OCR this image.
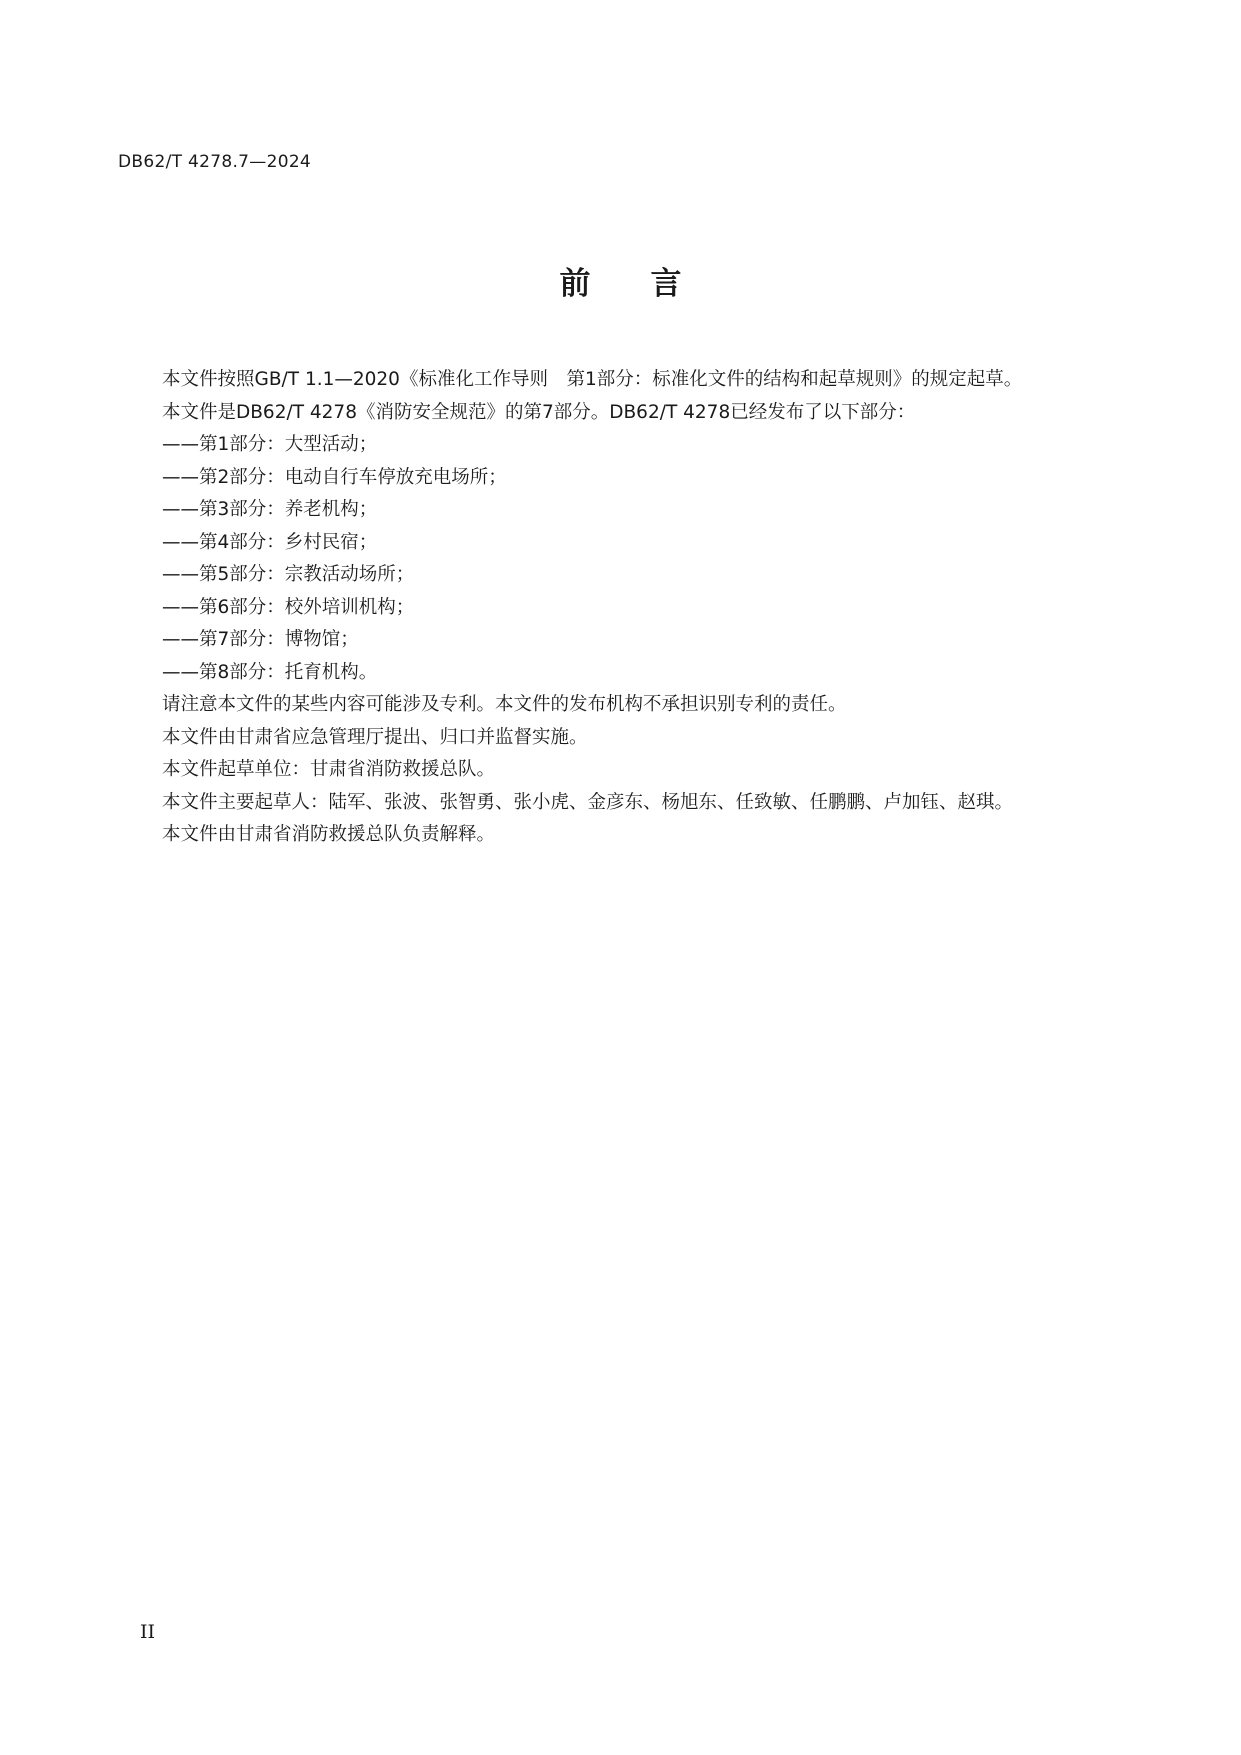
DB62/T 4278.7—2024
前言

本文件按照GB/T 1.1—2020《标准化工作导则　第1部分：标准化文件的结构和起草规则》的规定起草。

本文件是DB62/T 4278《消防安全规范》的第7部分。DB62/T 4278已经发布了以下部分：

——第1部分：大型活动；

——第2部分：电动自行车停放充电场所；

——第3部分：养老机构；

——第4部分：乡村民宿；

——第5部分：宗教活动场所；

——第6部分：校外培训机构；

——第7部分：博物馆；

——第8部分：托育机构。

请注意本文件的某些内容可能涉及专利。本文件的发布机构不承担识别专利的责任。

本文件由甘肃省应急管理厅提出、归口并监督实施。

本文件起草单位：甘肃省消防救援总队。

本文件主要起草人：陆军、张波、张智勇、张小虎、金彦东、杨旭东、任致敏、任鹏鹏、卢加钰、赵琪。

本文件由甘肃省消防救援总队负责解释。

II
